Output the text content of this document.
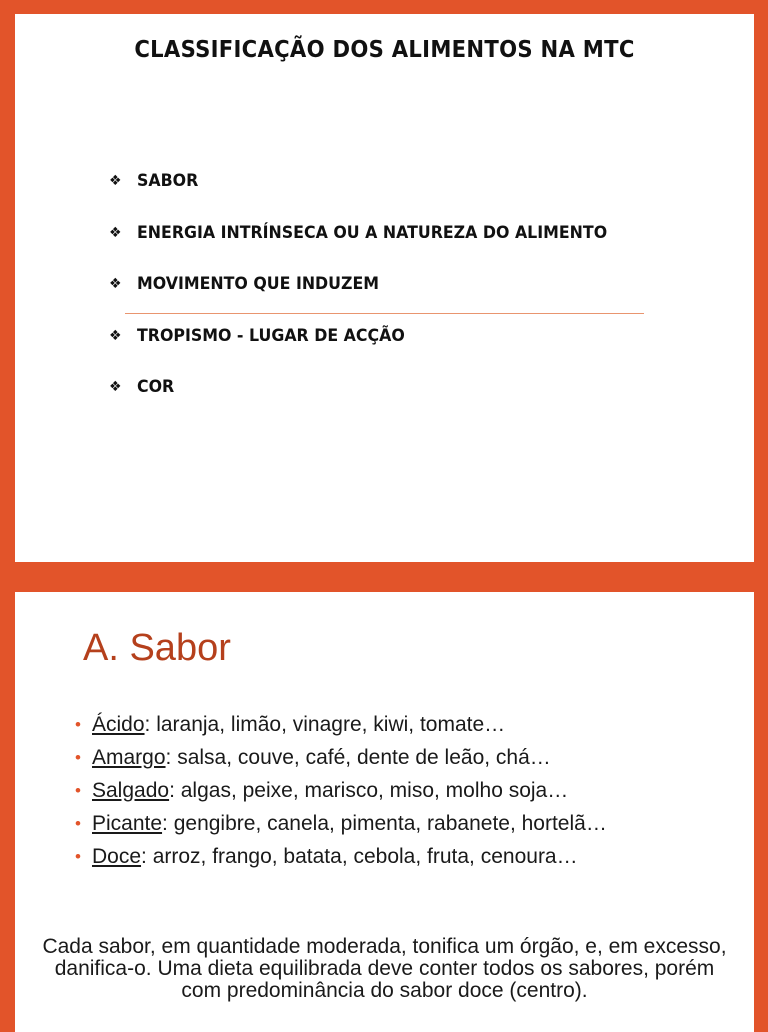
CLASSIFICAÇÃO DOS ALIMENTOS NA MTC
❖ SABOR
❖ ENERGIA INTRÍNSECA OU A NATUREZA DO ALIMENTO
❖ MOVIMENTO QUE INDUZEM
❖ TROPISMO - LUGAR DE ACÇÃO
❖ COR
A. Sabor
• Ácido : laranja, limão, vinagre, kiwi, tomate…
• Amargo : salsa, couve, café, dente de leão, chá…
• Salgado : algas, peixe, marisco, miso, molho soja…
• Picante : gengibre, canela, pimenta, rabanete, hortelã…
• Doce : arroz, frango, batata, cebola, fruta, cenoura…
Cada sabor, em quantidade moderada, tonifica um órgão, e, em excesso, danifica-o. Uma dieta equilibrada deve conter todos os sabores, porém com predominância do sabor doce (centro).
